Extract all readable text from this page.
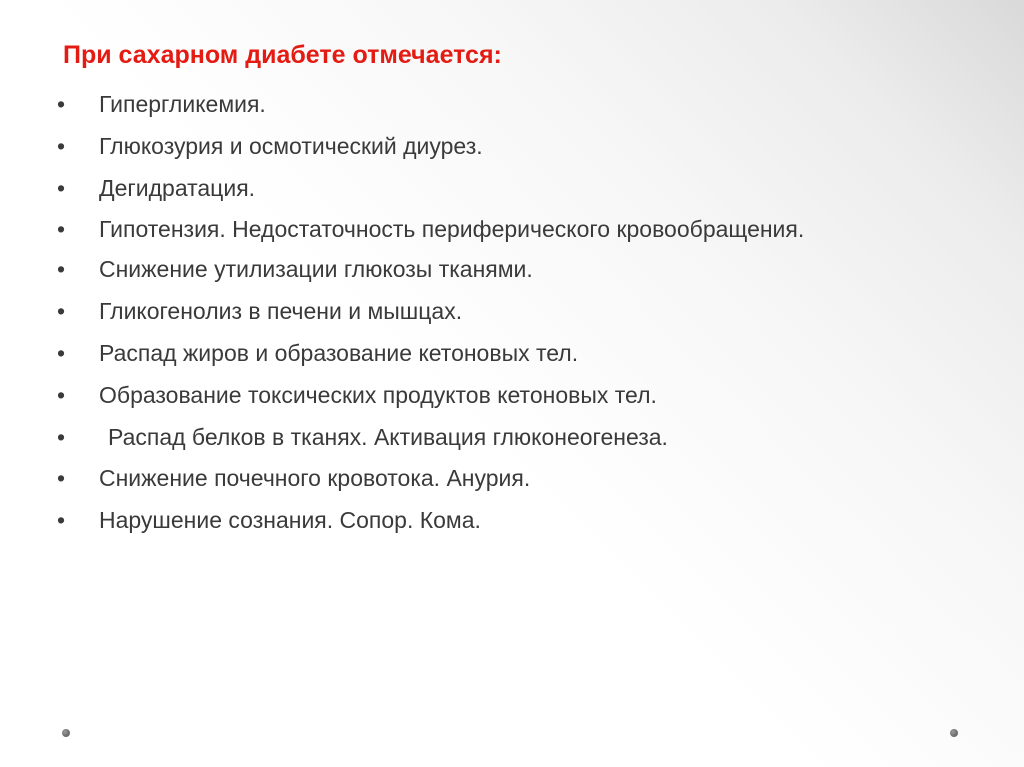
При сахарном диабете отмечается:
• Гипергликемия.
• Глюкозурия и осмотический диурез.
• Дегидратация.
• Гипотензия. Недостаточность периферического кровообращения.
• Снижение утилизации глюкозы тканями.
• Гликогенолиз в печени и мышцах.
• Распад жиров и образование кетоновых тел.
• Образование токсических продуктов кетоновых тел.
• Распад белков в тканях. Активация глюконеогенеза.
• Снижение почечного кровотока. Анурия.
• Нарушение сознания. Сопор. Кома.
